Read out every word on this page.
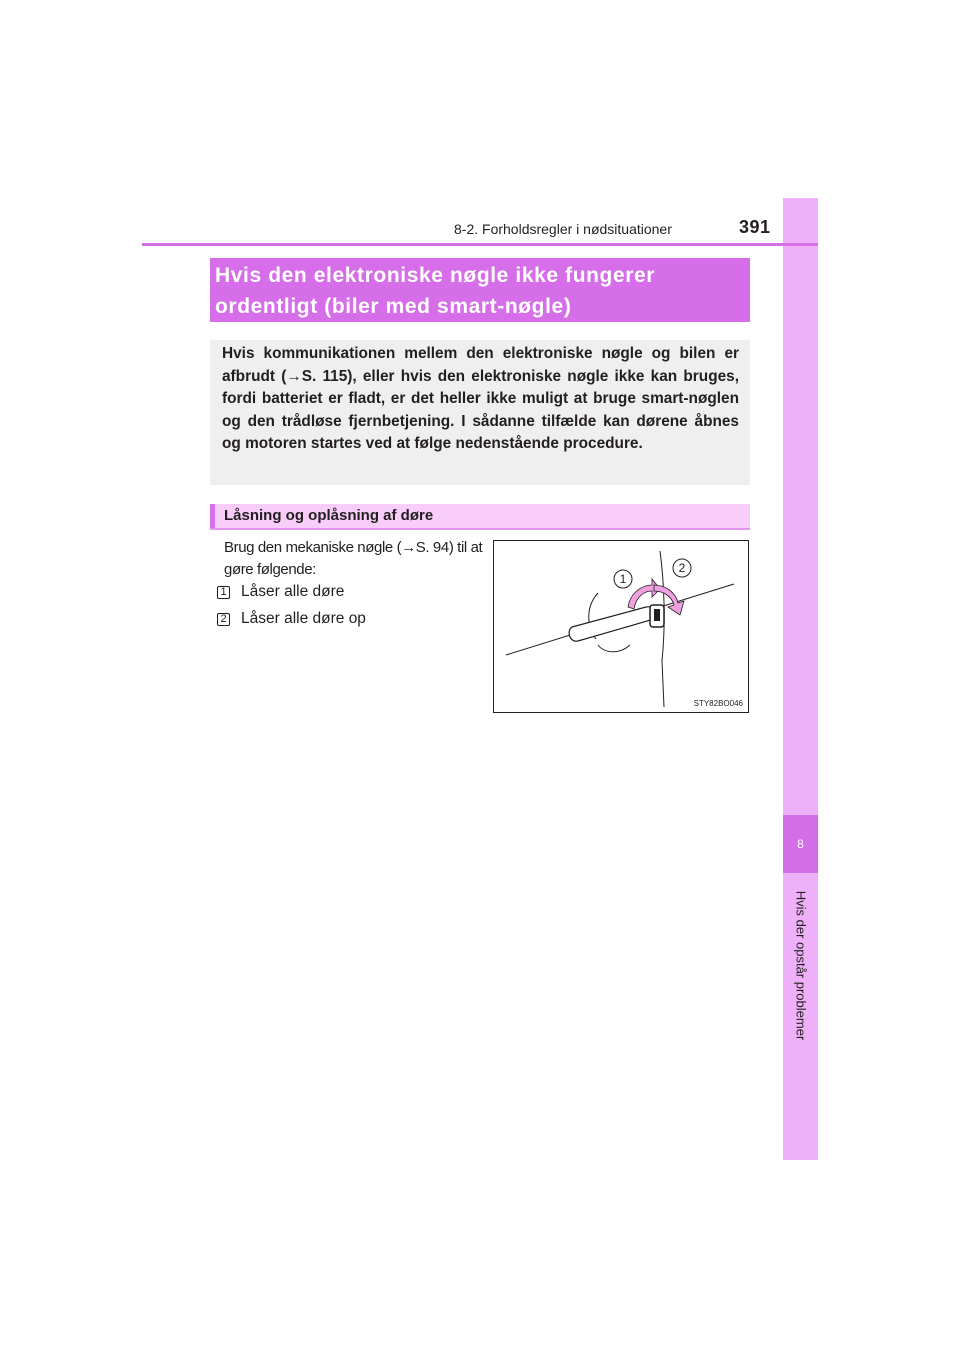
8
Hvis der opstår problemer
8-2. Forholdsregler i nødsituationer	391
Hvis den elektroniske nøgle ikke fungerer ordentligt (biler med smart-nøgle)
Hvis kommunikationen mellem den elektroniske nøgle og bilen er afbrudt (→S. 115), eller hvis den elektroniske nøgle ikke kan bruges, fordi batteriet er fladt, er det heller ikke muligt at bruge smart-nøglen og den trådløse fjernbetjening. I sådanne tilfælde kan dørene åbnes og motoren startes ved at følge nedenstående procedure.
Låsning og oplåsning af døre
Brug den mekaniske nøgle (→S. 94) til at gøre følgende:
1 Låser alle døre
2 Låser alle døre op
1
2
STY82BO046
